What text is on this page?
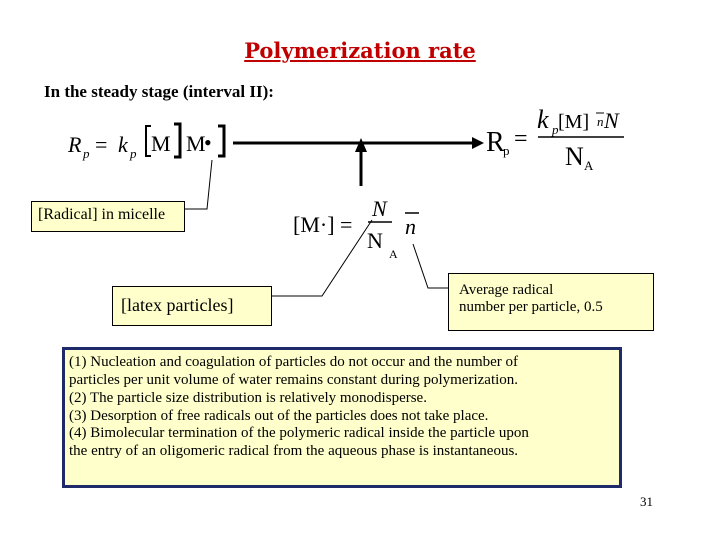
Polymerization rate
In the steady stage (interval II):
R p = k p M M
•	R
p =
k p [M] n N
N A
[M·] =
N
N
A
n
[Radical] in micelle
[latex particles]
Average radical
number per particle, 0.5
(1) Nucleation and coagulation of particles do not occur and the number of
particles per unit volume of water remains constant during polymerization.
(2) The particle size distribution is relatively monodisperse.
(3) Desorption of free radicals out of the particles does not take place.
(4) Bimolecular termination of the polymeric radical inside the particle upon
the entry of an oligomeric radical from the aqueous phase is instantaneous.
31
